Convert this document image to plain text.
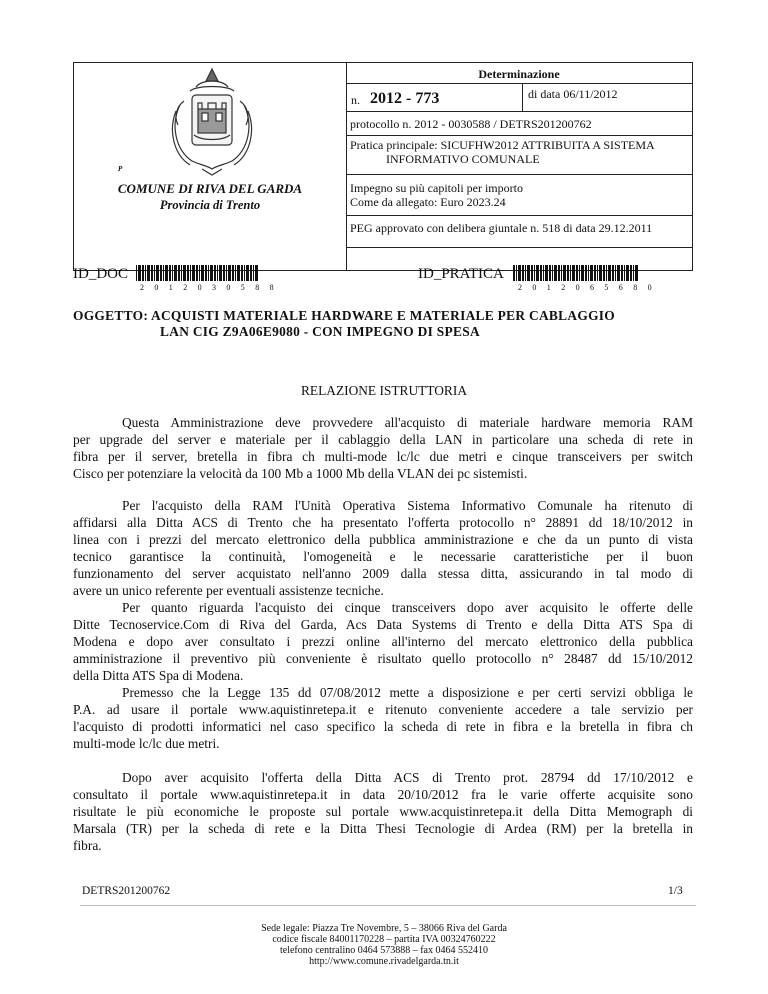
P
COMUNE DI RIVA DEL GARDA
Provincia di Trento
Determinazione
n. 2012 - 773	di data 06/11/2012
protocollo n. 2012 - 0030588 / DETRS201200762
Pratica principale: SICUFHW2012 ATTRIBUITA A SISTEMA
INFORMATIVO COMUNALE
Impegno su più capitoli per importo
Come da allegato: Euro 2023.24
PEG approvato con delibera giuntale n. 518 di data 29.12.2011
ID_DOC
2 0 1 2 0 3 0 5 8 8
ID_PRATICA
2 0 1 2 0 6 5 6 8 0
OGGETTO: ACQUISTI MATERIALE HARDWARE E MATERIALE PER CABLAGGIO
LAN CIG Z9A06E9080 - CON IMPEGNO DI SPESA
RELAZIONE ISTRUTTORIA
Questa Amministrazione deve provvedere all'acquisto di materiale hardware memoria RAM
per upgrade del server e materiale per il cablaggio della LAN in particolare una scheda di rete in
fibra per il server, bretella in fibra ch multi-mode lc/lc due metri e cinque transceivers per switch
Cisco per potenziare la velocità da 100 Mb a 1000 Mb della VLAN dei pc sistemisti.
Per l'acquisto della RAM l'Unità Operativa Sistema Informativo Comunale ha ritenuto di
affidarsi alla Ditta ACS di Trento che ha presentato l'offerta protocollo n° 28891 dd 18/10/2012 in
linea con i prezzi del mercato elettronico della pubblica amministrazione e che da un punto di vista
tecnico garantisce la continuità, l'omogeneità e le necessarie caratteristiche per il buon
funzionamento del server acquistato nell'anno 2009 dalla stessa ditta, assicurando in tal modo di
avere un unico referente per eventuali assistenze tecniche.
Per quanto riguarda l'acquisto dei cinque transceivers dopo aver acquisito le offerte delle
Ditte Tecnoservice.Com di Riva del Garda, Acs Data Systems di Trento e della Ditta ATS Spa di
Modena e dopo aver consultato i prezzi online all'interno del mercato elettronico della pubblica
amministrazione il preventivo più conveniente è risultato quello protocollo n° 28487 dd 15/10/2012
della Ditta ATS Spa di Modena.
Premesso che la Legge 135 dd 07/08/2012 mette a disposizione e per certi servizi obbliga le
P.A. ad usare il portale www.aquistinretepa.it e ritenuto conveniente accedere a tale servizio per
l'acquisto di prodotti informatici nel caso specifico la scheda di rete in fibra e la bretella in fibra ch
multi-mode lc/lc due metri.
Dopo aver acquisito l'offerta della Ditta ACS di Trento prot. 28794 dd 17/10/2012 e
consultato il portale www.aquistinretepa.it in data 20/10/2012 fra le varie offerte acquisite sono
risultate le più economiche le proposte sul portale www.acquistinretepa.it della Ditta Memograph di
Marsala (TR) per la scheda di rete e la Ditta Thesi Tecnologie di Ardea (RM) per la bretella in
fibra.
DETRS201200762	1/3
Sede legale: Piazza Tre Novembre, 5 – 38066 Riva del Garda
codice fiscale 84001170228 – partita IVA 00324760222
telefono centralino 0464 573888 – fax 0464 552410
http://www.comune.rivadelgarda.tn.it
